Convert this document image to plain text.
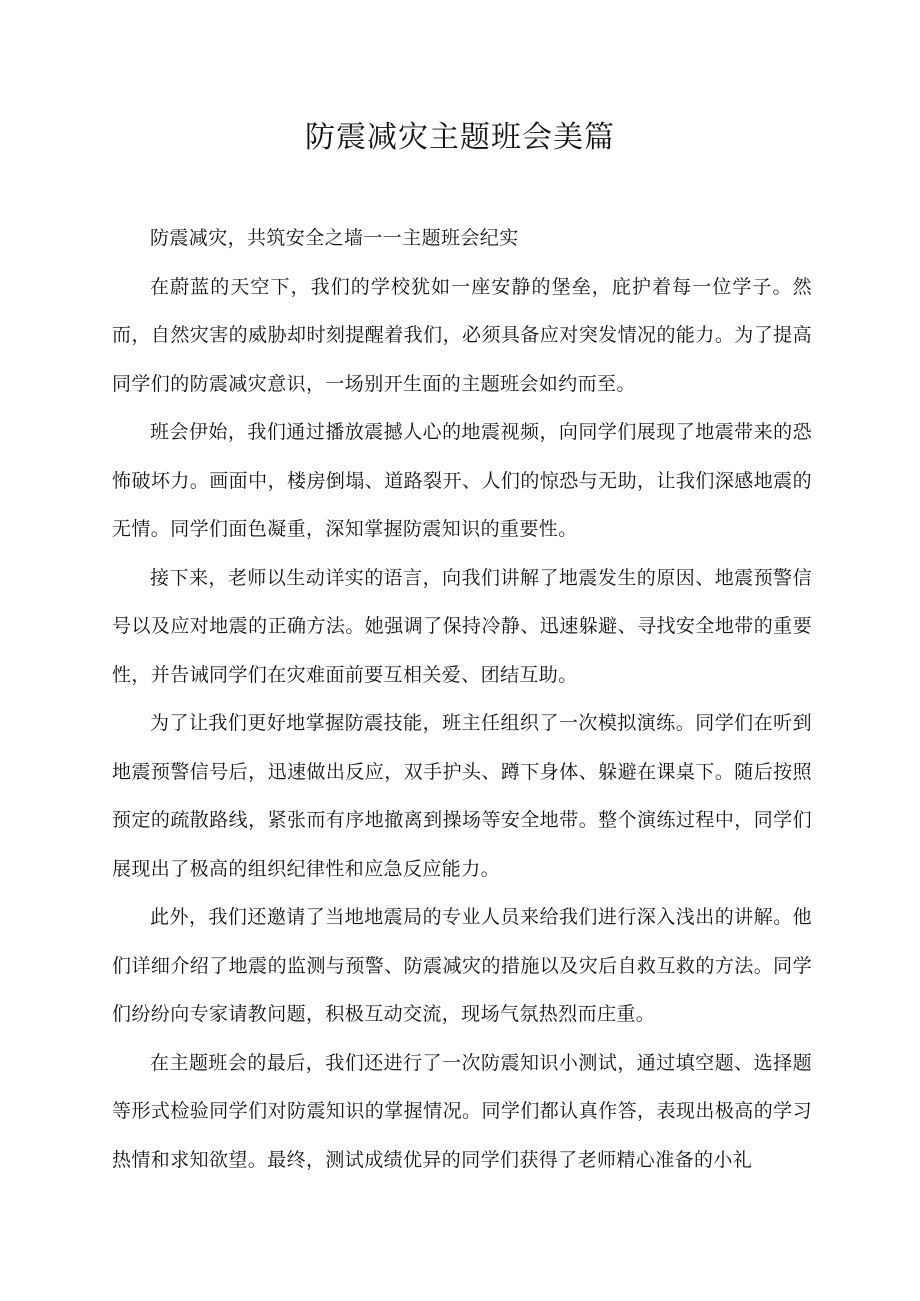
防震减灾主题班会美篇

防震减灾，共筑安全之墙一一主题班会纪实

在蔚蓝的天空下，我们的学校犹如一座安静的堡垒，庇护着每一位学子。然而，自然灾害的威胁却时刻提醒着我们，必须具备应对突发情况的能力。为了提高同学们的防震减灾意识，一场别开生面的主题班会如约而至。

班会伊始，我们通过播放震撼人心的地震视频，向同学们展现了地震带来的恐怖破坏力。画面中，楼房倒塌、道路裂开、人们的惊恐与无助，让我们深感地震的无情。同学们面色凝重，深知掌握防震知识的重要性。

接下来，老师以生动详实的语言，向我们讲解了地震发生的原因、地震预警信号以及应对地震的正确方法。她强调了保持冷静、迅速躲避、寻找安全地带的重要性，并告诫同学们在灾难面前要互相关爱、团结互助。

为了让我们更好地掌握防震技能，班主任组织了一次模拟演练。同学们在听到地震预警信号后，迅速做出反应，双手护头、蹲下身体、躲避在课桌下。随后按照预定的疏散路线，紧张而有序地撤离到操场等安全地带。整个演练过程中，同学们展现出了极高的组织纪律性和应急反应能力。

此外，我们还邀请了当地地震局的专业人员来给我们进行深入浅出的讲解。他们详细介绍了地震的监测与预警、防震减灾的措施以及灾后自救互救的方法。同学们纷纷向专家请教问题，积极互动交流，现场气氛热烈而庄重。

在主题班会的最后，我们还进行了一次防震知识小测试，通过填空题、选择题等形式检验同学们对防震知识的掌握情况。同学们都认真作答，表现出极高的学习热情和求知欲望。最终，测试成绩优异的同学们获得了老师精心准备的小礼
